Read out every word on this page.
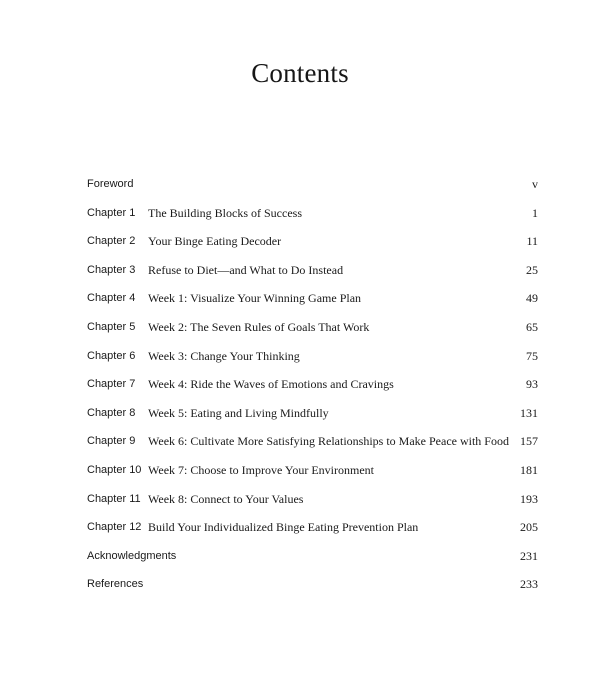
Contents
Foreword	v
Chapter 1 The Building Blocks of Success	1
Chapter 2 Your Binge Eating Decoder	11
Chapter 3 Refuse to Diet—and What to Do Instead	25
Chapter 4 Week 1: Visualize Your Winning Game Plan	49
Chapter 5 Week 2: The Seven Rules of Goals That Work	65
Chapter 6 Week 3: Change Your Thinking	75
Chapter 7 Week 4: Ride the Waves of Emotions and Cravings	93
Chapter 8 Week 5: Eating and Living Mindfully	131
Chapter 9 Week 6: Cultivate More Satisfying Relationships to Make Peace with Food 157
Chapter 10 Week 7: Choose to Improve Your Environment	181
Chapter 11 Week 8: Connect to Your Values	193
Chapter 12 Build Your Individualized Binge Eating Prevention Plan	205
Acknowledgments	231
References	233
